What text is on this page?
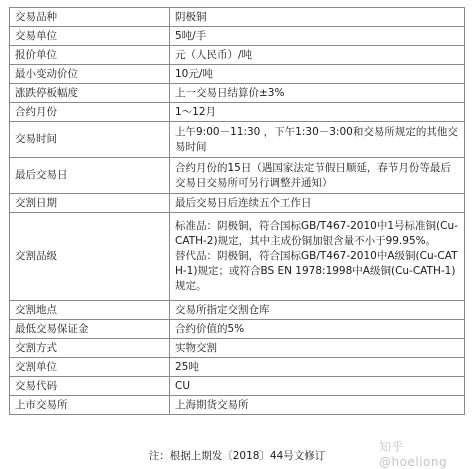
交易品种	阴极铜
交易单位	5吨/手
报价单位	元（人民币）/吨
最小变动价位	10元/吨
涨跌停板幅度	上一交易日结算价±3%
合约月份	1～12月
交易时间	上午9:00－11:30 ，下午1:30－3:00和交易所规定的其他交易时间
最后交易日	合约月份的15日（遇国家法定节假日顺延，春节月份等最后交易日交易所可另行调整并通知）
交割日期	最后交易日后连续五个工作日
交割品级	标准品：阴极铜，符合国标GB/T467-2010中1号标准铜(Cu-CATH-2)规定，其中主成份铜加银含量不小于99.95%。
替代品：阴极铜，符合国标GB/T467-2010中A级铜(Cu-CATH-1)规定；或符合BS EN 1978:1998中A级铜(Cu-CATH-1)规定。
交割地点	交易所指定交割仓库
最低交易保证金	合约价值的5%
交割方式	实物交割
交割单位	25吨
交易代码	CU
上市交易所	上海期货交易所
注：根据上期发〔2018〕44号文修订
知乎 @hoeliong
